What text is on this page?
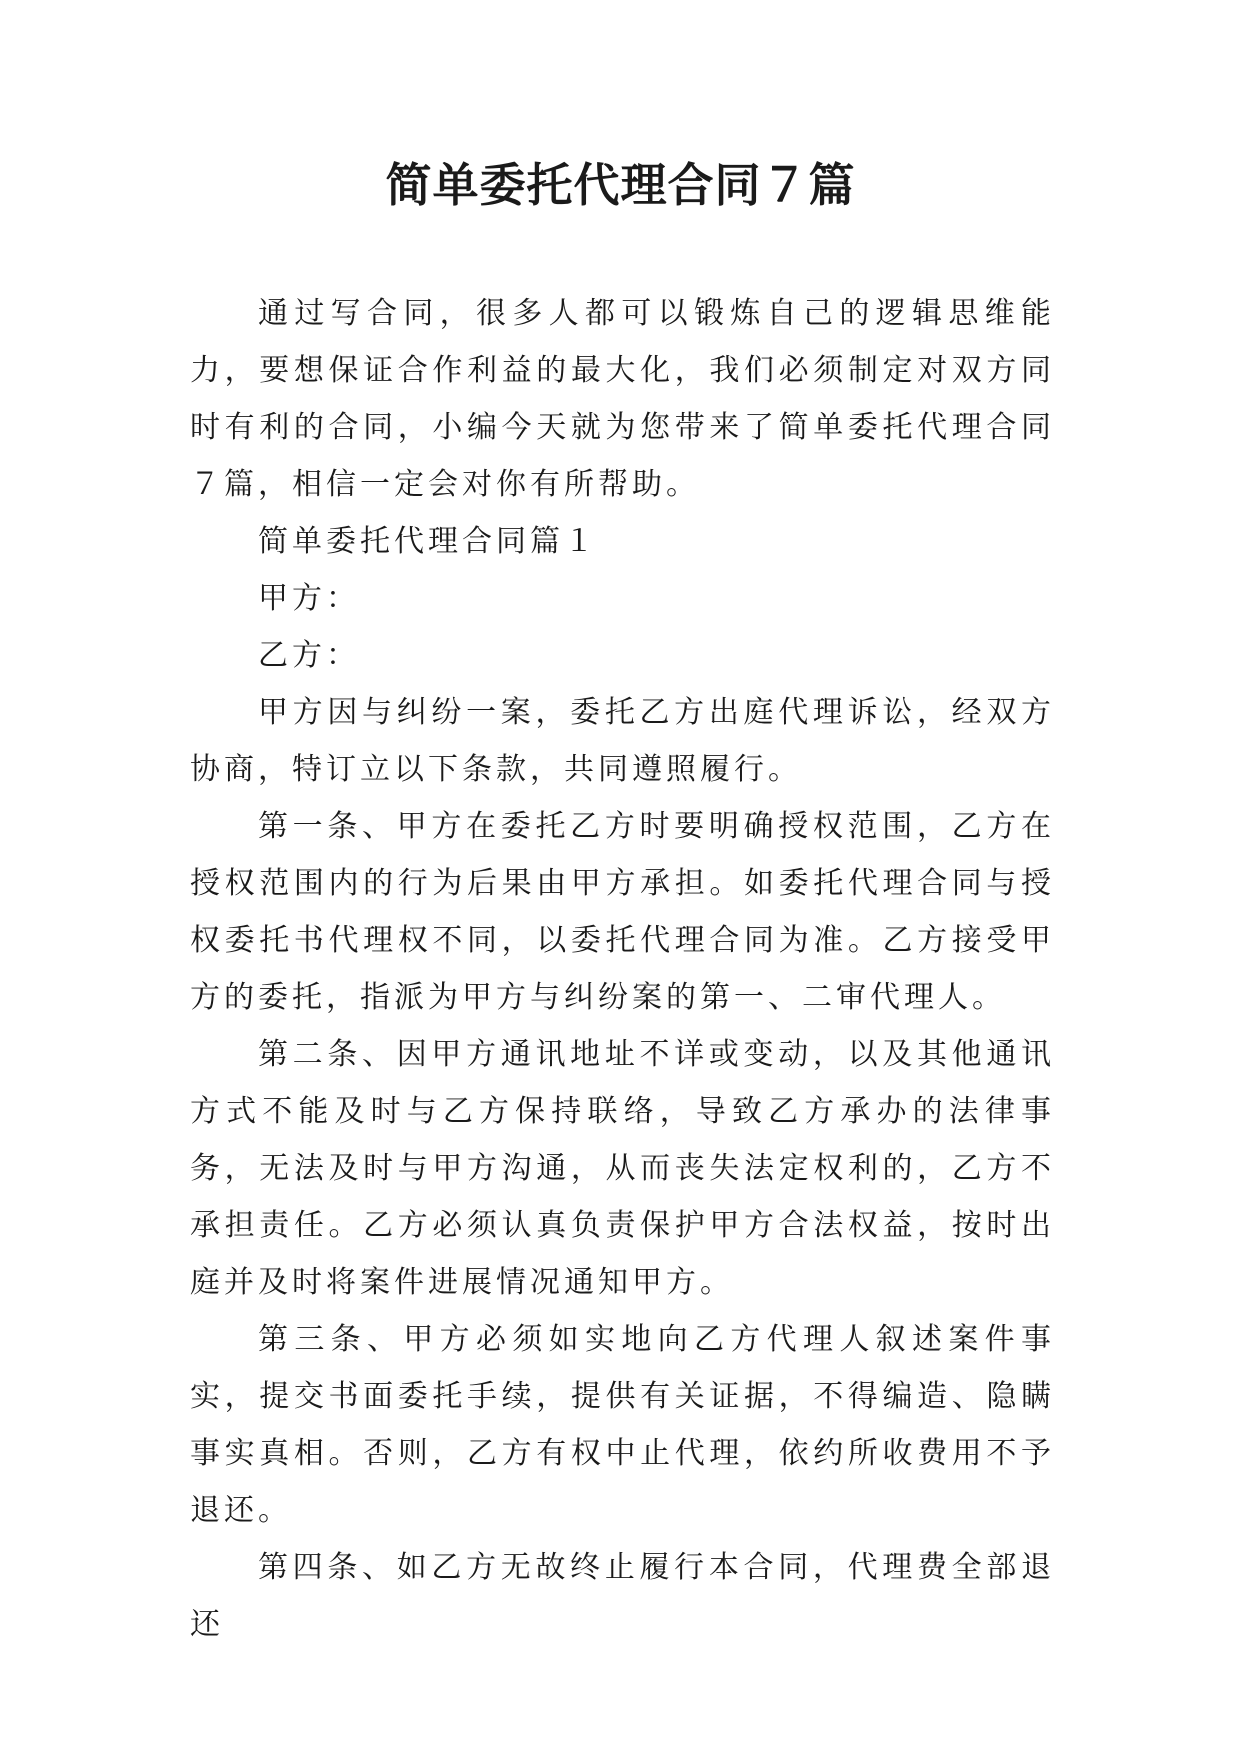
简单委托代理合同７篇

通过写合同，很多人都可以锻炼自己的逻辑思维能力，要想保证合作利益的最大化，我们必须制定对双方同时有利的合同，小编今天就为您带来了简单委托代理合同７篇，相信一定会对你有所帮助。

简单委托代理合同篇１

甲方：

乙方：

甲方因与纠纷一案，委托乙方出庭代理诉讼，经双方协商，特订立以下条款，共同遵照履行。

第一条、甲方在委托乙方时要明确授权范围，乙方在授权范围内的行为后果由甲方承担。如委托代理合同与授权委托书代理权不同，以委托代理合同为准。乙方接受甲方的委托，指派为甲方与纠纷案的第一、二审代理人。

第二条、因甲方通讯地址不详或变动，以及其他通讯方式不能及时与乙方保持联络，导致乙方承办的法律事务，无法及时与甲方沟通，从而丧失法定权利的，乙方不承担责任。乙方必须认真负责保护甲方合法权益，按时出庭并及时将案件进展情况通知甲方。

第三条、甲方必须如实地向乙方代理人叙述案件事实，提交书面委托手续，提供有关证据，不得编造、隐瞒事实真相。否则，乙方有权中止代理，依约所收费用不予退还。

第四条、如乙方无故终止履行本合同，代理费全部退还
